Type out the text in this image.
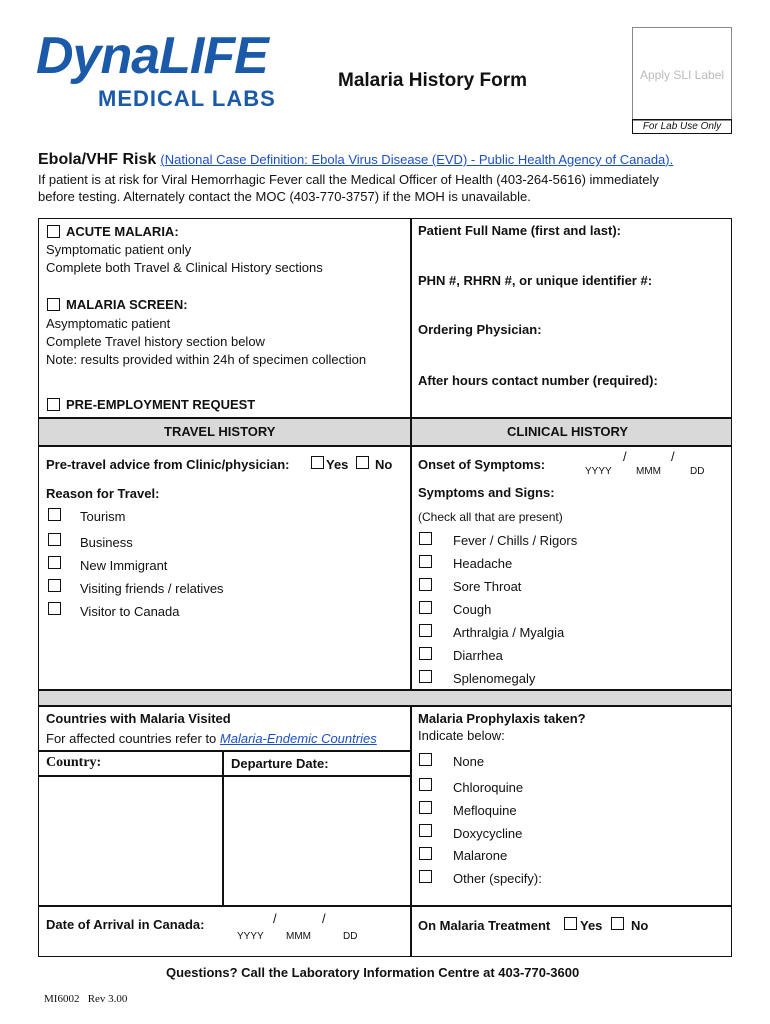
DynaLIFE
MEDICAL LABS
Malaria History Form	Apply SLI Label
For Lab Use Only
Ebola/VHF Risk (National Case Definition: Ebola Virus Disease (EVD) - Public Health Agency of Canada).
If patient is at risk for Viral Hemorrhagic Fever call the Medical Officer of Health (403-264-5616) immediately
before testing. Alternately contact the MOC (403-770-3757) if the MOH is unavailable.
ACUTE MALARIA:
Symptomatic patient only
Complete both Travel & Clinical History sections
MALARIA SCREEN:
Asymptomatic patient
Complete Travel history section below
Note: results provided within 24h of specimen collection
PRE-EMPLOYMENT REQUEST
Patient Full Name (first and last):
PHN #, RHRN #, or unique identifier #:
Ordering Physician:
After hours contact number (required):
TRAVEL HISTORY	CLINICAL HISTORY
Pre-travel advice from Clinic/physician:	Yes No
Reason for Travel:
Tourism
Business
New Immigrant
Visiting friends / relatives
Visitor to Canada
Onset of Symptoms:
/	/
YYYY MMM	DD
Symptoms and Signs:
(Check all that are present)
Fever / Chills / Rigors
Headache
Sore Throat
Cough
Arthralgia / Myalgia
Diarrhea
Splenomegaly
Countries with Malaria Visited
For affected countries refer to Malaria-Endemic Countries
Country:	Departure Date:
Malaria Prophylaxis taken?
Indicate below:
None
Chloroquine
Mefloquine
Doxycycline
Malarone
Other (specify):
Date of Arrival in Canada:	/	/
YYYY MMM	DD
On Malaria Treatment Yes No
Questions? Call the Laboratory Information Centre at 403-770-3600
MI6002   Rev 3.00
